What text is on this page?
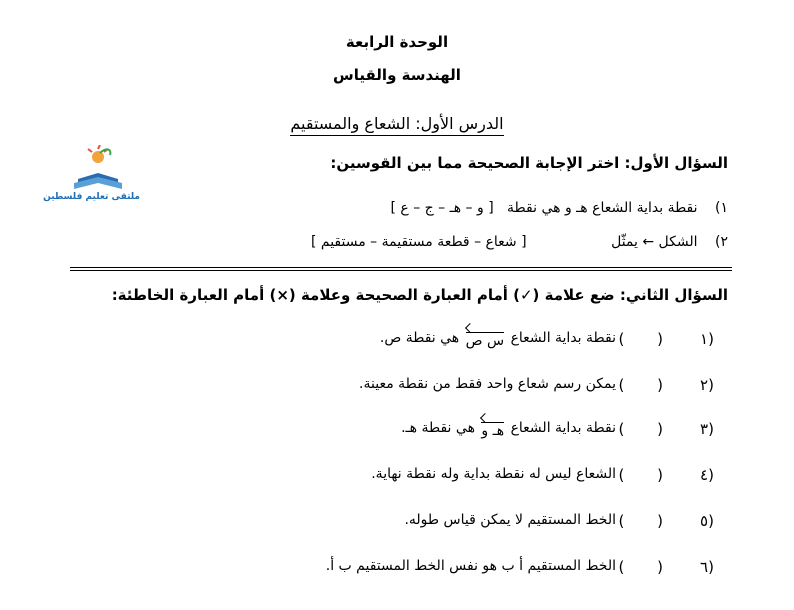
الوحدة الرابعة
الهندسة والقياس
الدرس الأول: الشعاع والمستقيم
ملتقى تعليم فلسطين
السؤال الأول: اختر الإجابة الصحيحة مما بين القوسين:
١) نقطة بداية الشعاع هـ و هي نقطة   [ و – هـ – ج – ع ]
٢) الشكل ← يمثّل                   [ شعاع – قطعة مستقيمة – مستقيم ]
السؤال الثاني: ضع علامة (✓) أمام العبارة الصحيحة وعلامة (×) أمام العبارة الخاطئة:
١)
( )
نقطة بداية الشعاع س ص هي نقطة ص.
٢)
( )
يمكن رسم شعاع واحد فقط من نقطة معينة.
٣)
( )
نقطة بداية الشعاع هـ و هي نقطة هـ.
٤)
( )
الشعاع ليس له نقطة بداية وله نقطة نهاية.
٥)
( )
الخط المستقيم لا يمكن قياس طوله.
٦)
( )
الخط المستقيم أ ب هو نفس الخط المستقيم ب أ.
